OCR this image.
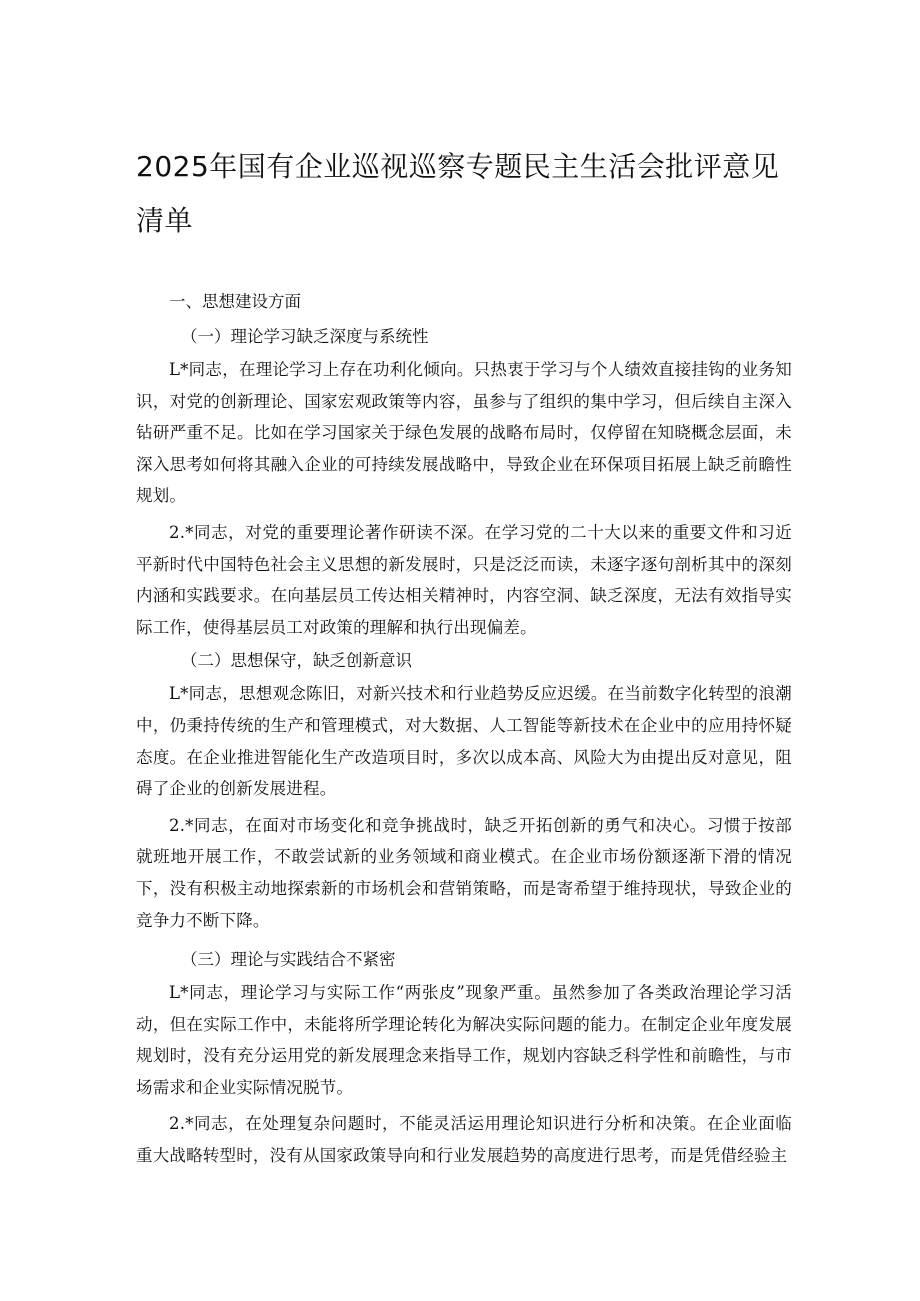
2025年国有企业巡视巡察专题民主生活会批评意见清单

一、思想建设方面

（一）理论学习缺乏深度与系统性

L*同志，在理论学习上存在功利化倾向。只热衷于学习与个人绩效直接挂钩的业务知识，对党的创新理论、国家宏观政策等内容，虽参与了组织的集中学习，但后续自主深入钻研严重不足。比如在学习国家关于绿色发展的战略布局时，仅停留在知晓概念层面，未深入思考如何将其融入企业的可持续发展战略中，导致企业在环保项目拓展上缺乏前瞻性规划。

2.*同志，对党的重要理论著作研读不深。在学习党的二十大以来的重要文件和习近平新时代中国特色社会主义思想的新发展时，只是泛泛而读，未逐字逐句剖析其中的深刻内涵和实践要求。在向基层员工传达相关精神时，内容空洞、缺乏深度，无法有效指导实际工作，使得基层员工对政策的理解和执行出现偏差。

（二）思想保守，缺乏创新意识

L*同志，思想观念陈旧，对新兴技术和行业趋势反应迟缓。在当前数字化转型的浪潮中，仍秉持传统的生产和管理模式，对大数据、人工智能等新技术在企业中的应用持怀疑态度。在企业推进智能化生产改造项目时，多次以成本高、风险大为由提出反对意见，阻碍了企业的创新发展进程。

2.*同志，在面对市场变化和竞争挑战时，缺乏开拓创新的勇气和决心。习惯于按部就班地开展工作，不敢尝试新的业务领域和商业模式。在企业市场份额逐渐下滑的情况下，没有积极主动地探索新的市场机会和营销策略，而是寄希望于维持现状，导致企业的竞争力不断下降。

（三）理论与实践结合不紧密

L*同志，理论学习与实际工作“两张皮”现象严重。虽然参加了各类政治理论学习活动，但在实际工作中，未能将所学理论转化为解决实际问题的能力。在制定企业年度发展规划时，没有充分运用党的新发展理念来指导工作，规划内容缺乏科学性和前瞻性，与市场需求和企业实际情况脱节。

2.*同志，在处理复杂问题时，不能灵活运用理论知识进行分析和决策。在企业面临重大战略转型时，没有从国家政策导向和行业发展趋势的高度进行思考，而是凭借经验主
